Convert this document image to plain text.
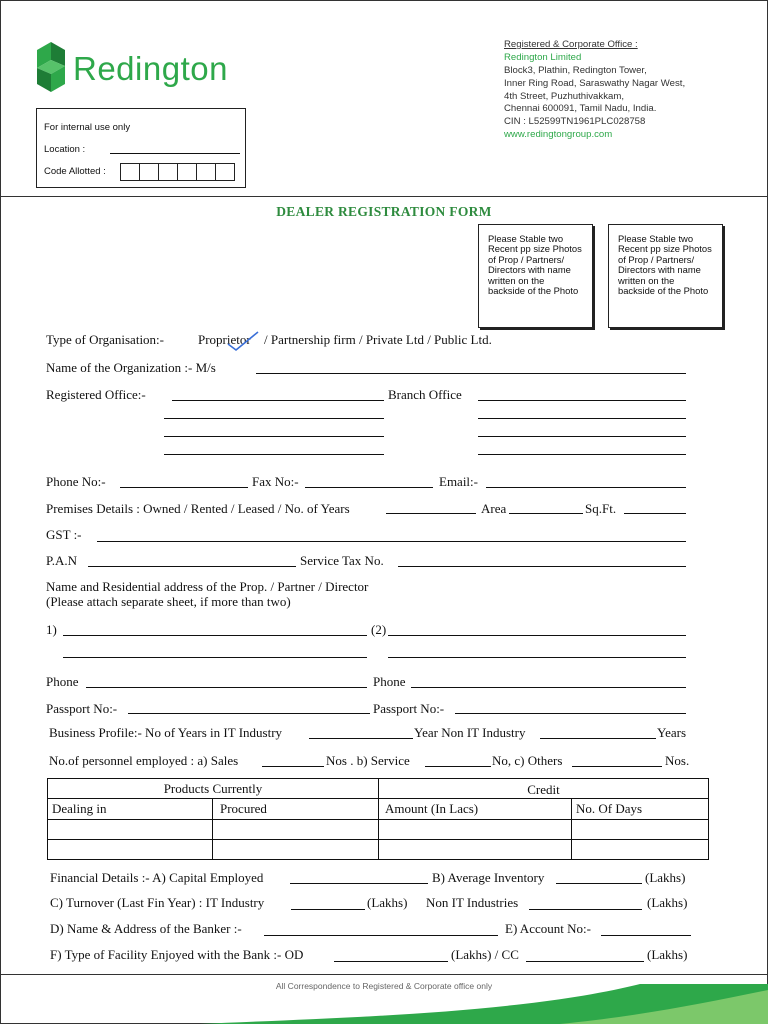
Redington
Registered & Corporate Office :
Redington Limited
Block3, Plathin, Redington Tower,
Inner Ring Road, Saraswathy Nagar West,
4th Street, Puzhuthivakkam,
Chennai 600091, Tamil Nadu, India.
CIN : L52599TN1961PLC028758
www.redingtongroup.com
For internal use only
Location :
Code Allotted :
DEALER REGISTRATION FORM
Please Stable two Recent pp size Photos of Prop / Partners/ Directors with name written on the backside of the Photo
Please Stable two Recent pp size Photos of Prop / Partners/ Directors with name written on the backside of the Photo
Type of Organisation:-	Proprietor / Partnership firm / Private Ltd / Public Ltd.
Name of the Organization :- M/s
Registered Office:-	Branch Office
Phone No:-	Fax No:-	Email:-
Premises Details : Owned / Rented / Leased / No. of Years	Area	Sq.Ft.
GST :-
P.A.N	Service Tax No.
Name and Residential address of the Prop. / Partner / Director
(Please attach separate sheet, if more than two)
1)	(2)
Phone	Phone
Passport No:-	Passport No:-
Business Profile:- No of Years in IT Industry	Year Non IT Industry	Years
No.of personnel employed : a) Sales	Nos . b) Service	No, c) Others	Nos.
Products Currently		Credit	
Dealing in	Procured	Amount (In Lacs)	No. Of Days

Financial Details :- A) Capital Employed	B) Average Inventory	(Lakhs)
C) Turnover (Last Fin Year) : IT Industry	(Lakhs) Non IT Industries	(Lakhs)
D) Name & Address of the Banker :-	E) Account No:-
F) Type of Facility Enjoyed with the Bank :- OD	(Lakhs) / CC	(Lakhs)
All Correspondence to Registered & Corporate office only
